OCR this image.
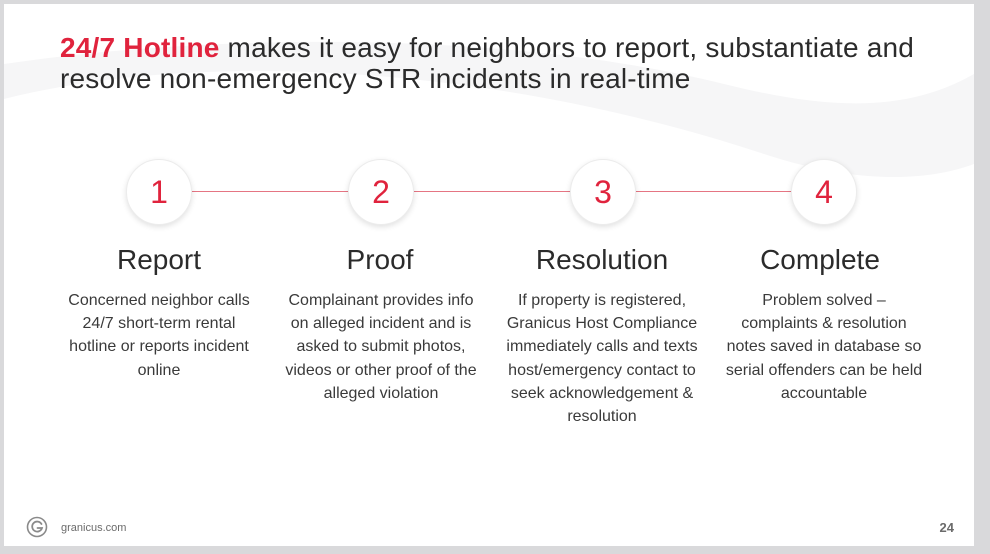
24/7 Hotline makes it easy for neighbors to report, substantiate and resolve non-emergency STR incidents in real-time
1
Report
Concerned neighbor calls 24/7 short-term rental hotline or reports incident online
2
Proof
Complainant provides info on alleged incident and is asked to submit photos, videos or other proof of the alleged violation
3
Resolution
If property is registered, Granicus Host Compliance immediately calls and texts host/emergency contact to seek acknowledgement & resolution
4
Complete
Problem solved – complaints & resolution notes saved in database so serial offenders can be held accountable
granicus.com	24
